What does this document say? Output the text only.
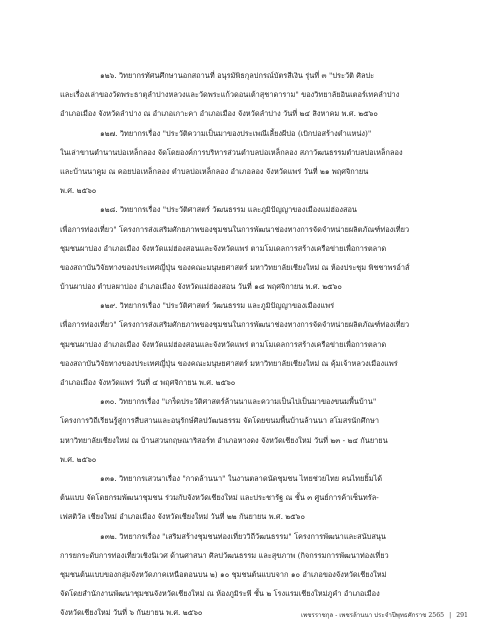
๑๒๖. วิทยากรทัศนศึกษานอกสถานที่ อนุรมัพิธกุลปกรณ์บัตรสีเงิน รุ่นที่ ๓ "ประวัติ ศิลปะ
และเรื่องเล่าของวัดพระธาตุลำปางหลวงและวัดพระแก้วดอนเต้าสุชาดาราม" ของวิทยาลัยอินเตอร์เทคลำปาง
อำเภอเมือง จังหวัดลำปาง ณ อำเภอเกาะคา อำเภอเมือง จังหวัดลำปาง วันที่ ๒๔ สิงหาคม พ.ศ. ๒๕๖๐
๑๒๗. วิทยากรเรื่อง "ประวัติความเป็นมาของประเพณีเลี้ยงผีบ่อ (เบิกบ่อสร้างตำแหน่ง)"
ในเล่าขานตำนานบ่อเหล็กลอง จัดโดยองค์การบริหารส่วนตำบลบ่อเหล็กลอง สภาวัฒนธรรมตำบลบ่อเหล็กลอง
และบ้านนาคูม ณ คอยบ่อเหล็กลอง ตำบลบ่อเหล็กลอง อำเภอลอง จังหวัดแพร่ วันที่ ๒๑ พฤศจิกายน
พ.ศ. ๒๕๖๐
๑๒๘. วิทยากรเรื่อง "ประวัติศาสตร์ วัฒนธรรม และภูมิปัญญาของเมืองแม่ฮ่องสอน
เพื่อการท่องเที่ยว" โครงการส่งเสริมศักยภาพของชุมชนในการพัฒนาช่องทางการจัดจำหน่ายผลิตภัณฑ์ท่องเที่ยว
ชุมชนผาบ่อง อำเภอเมือง จังหวัดแม่ฮ่องสอนและจังหวัดแพร่ ตามโมเดลการสร้างเครือข่ายเพื่อการตลาด
ของสถาบันวิจัยทางของประเทศญี่ปุ่น ของคณะมนุษยศาสตร์ มหาวิทยาลัยเชียงใหม่ ณ ห้องประชุม พิชชาพรอ์าส์
บ้านผาบ่อง ตำบลผาบ่อง อำเภอเมือง จังหวัดแม่ฮ่องสอน วันที่ ๑๘ พฤศจิกายน พ.ศ. ๒๕๖๐
๑๒๙. วิทยากรเรื่อง "ประวัติศาสตร์ วัฒนธรรม และภูมิปัญญาของเมืองแพร่
เพื่อการท่องเที่ยว" โครงการส่งเสริมศักยภาพของชุมชนในการพัฒนาช่องทางการจัดจำหน่ายผลิตภัณฑ์ท่องเที่ยว
ชุมชนผาบ่อง อำเภอเมือง จังหวัดแม่ฮ่องสอนและจังหวัดแพร่ ตามโมเดลการสร้างเครือข่ายเพื่อการตลาด
ของสถาบันวิจัยทางของประเทศญี่ปุ่น ของคณะมนุษยศาสตร์ มหาวิทยาลัยเชียงใหม่ ณ คุ้มเจ้าหลวงเมืองแพร่
อำเภอเมือง จังหวัดแพร่ วันที่ ๔ พฤศจิกายน พ.ศ. ๒๕๖๐
๑๓๐. วิทยากรเรื่อง "เกร็ดประวัติศาสตร์ล้านนาและความเป็นไปเป็นมาของขนมพื้นบ้าน"
โครงการวิถีเรียนรู้สู่การสืบสานและอนุรักษ์ศิลปวัฒนธรรม จัดโดยขนมพื้นบ้านล้านนา สโมสรนักศึกษา
มหาวิทยาลัยเชียงใหม่ ณ บ้านสวนกฤษณาริสอร์ท อำเภอหางดง จังหวัดเชียงใหม่ วันที่ ๒๓ - ๒๔ กันยายน
พ.ศ. ๒๕๖๐
๑๓๑. วิทยากรเสวนาเรื่อง "กาดล้านนา" ในงานตลาดนัดชุมชน ไทยช่วยไทย คนไทยยิ้มได้
ต้นแบบ จัดโดยกรมพัฒนาชุมชน ร่วมกับจังหวัดเชียงใหม่ และประชารัฐ ณ ชั้น ๓ ศูนย์การค้าเซ็นทรัล-
เฟสติวัล เชียงใหม่ อำเภอเมือง จังหวัดเชียงใหม่ วันที่ ๒๒ กันยายน พ.ศ. ๒๕๖๐
๑๓๒. วิทยากรเรื่อง "เสริมสร้างชุมชนท่องเที่ยววิถีวัฒนธรรม" โครงการพัฒนาและสนับสนุน
การยกระดับการท่องเที่ยวเชิงนิเวศ ด้านศาสนา ศิลปวัฒนธรรม และสุขภาพ (กิจกรรมการพัฒนาท่องเที่ยว
ชุมชนต้นแบบของกลุ่มจังหวัดภาคเหนือตอนบน ๒) ๑๐ ชุมชนต้นแบบจาก ๑๐ อำเภอของจังหวัดเชียงใหม่
จัดโดยสำนักงานพัฒนาชุมชนจังหวัดเชียงใหม่ ณ ห้องภูมิระพี ชั้น ๒ โรงแรมเชียงใหม่ภูคำ อำเภอเมือง
จังหวัดเชียงใหม่ วันที่ ๖ กันยายน พ.ศ. ๒๕๖๐	เพชรราชกุล - เพชรล้านนา ประจำปีพุทธศักราช 2565 | 291
